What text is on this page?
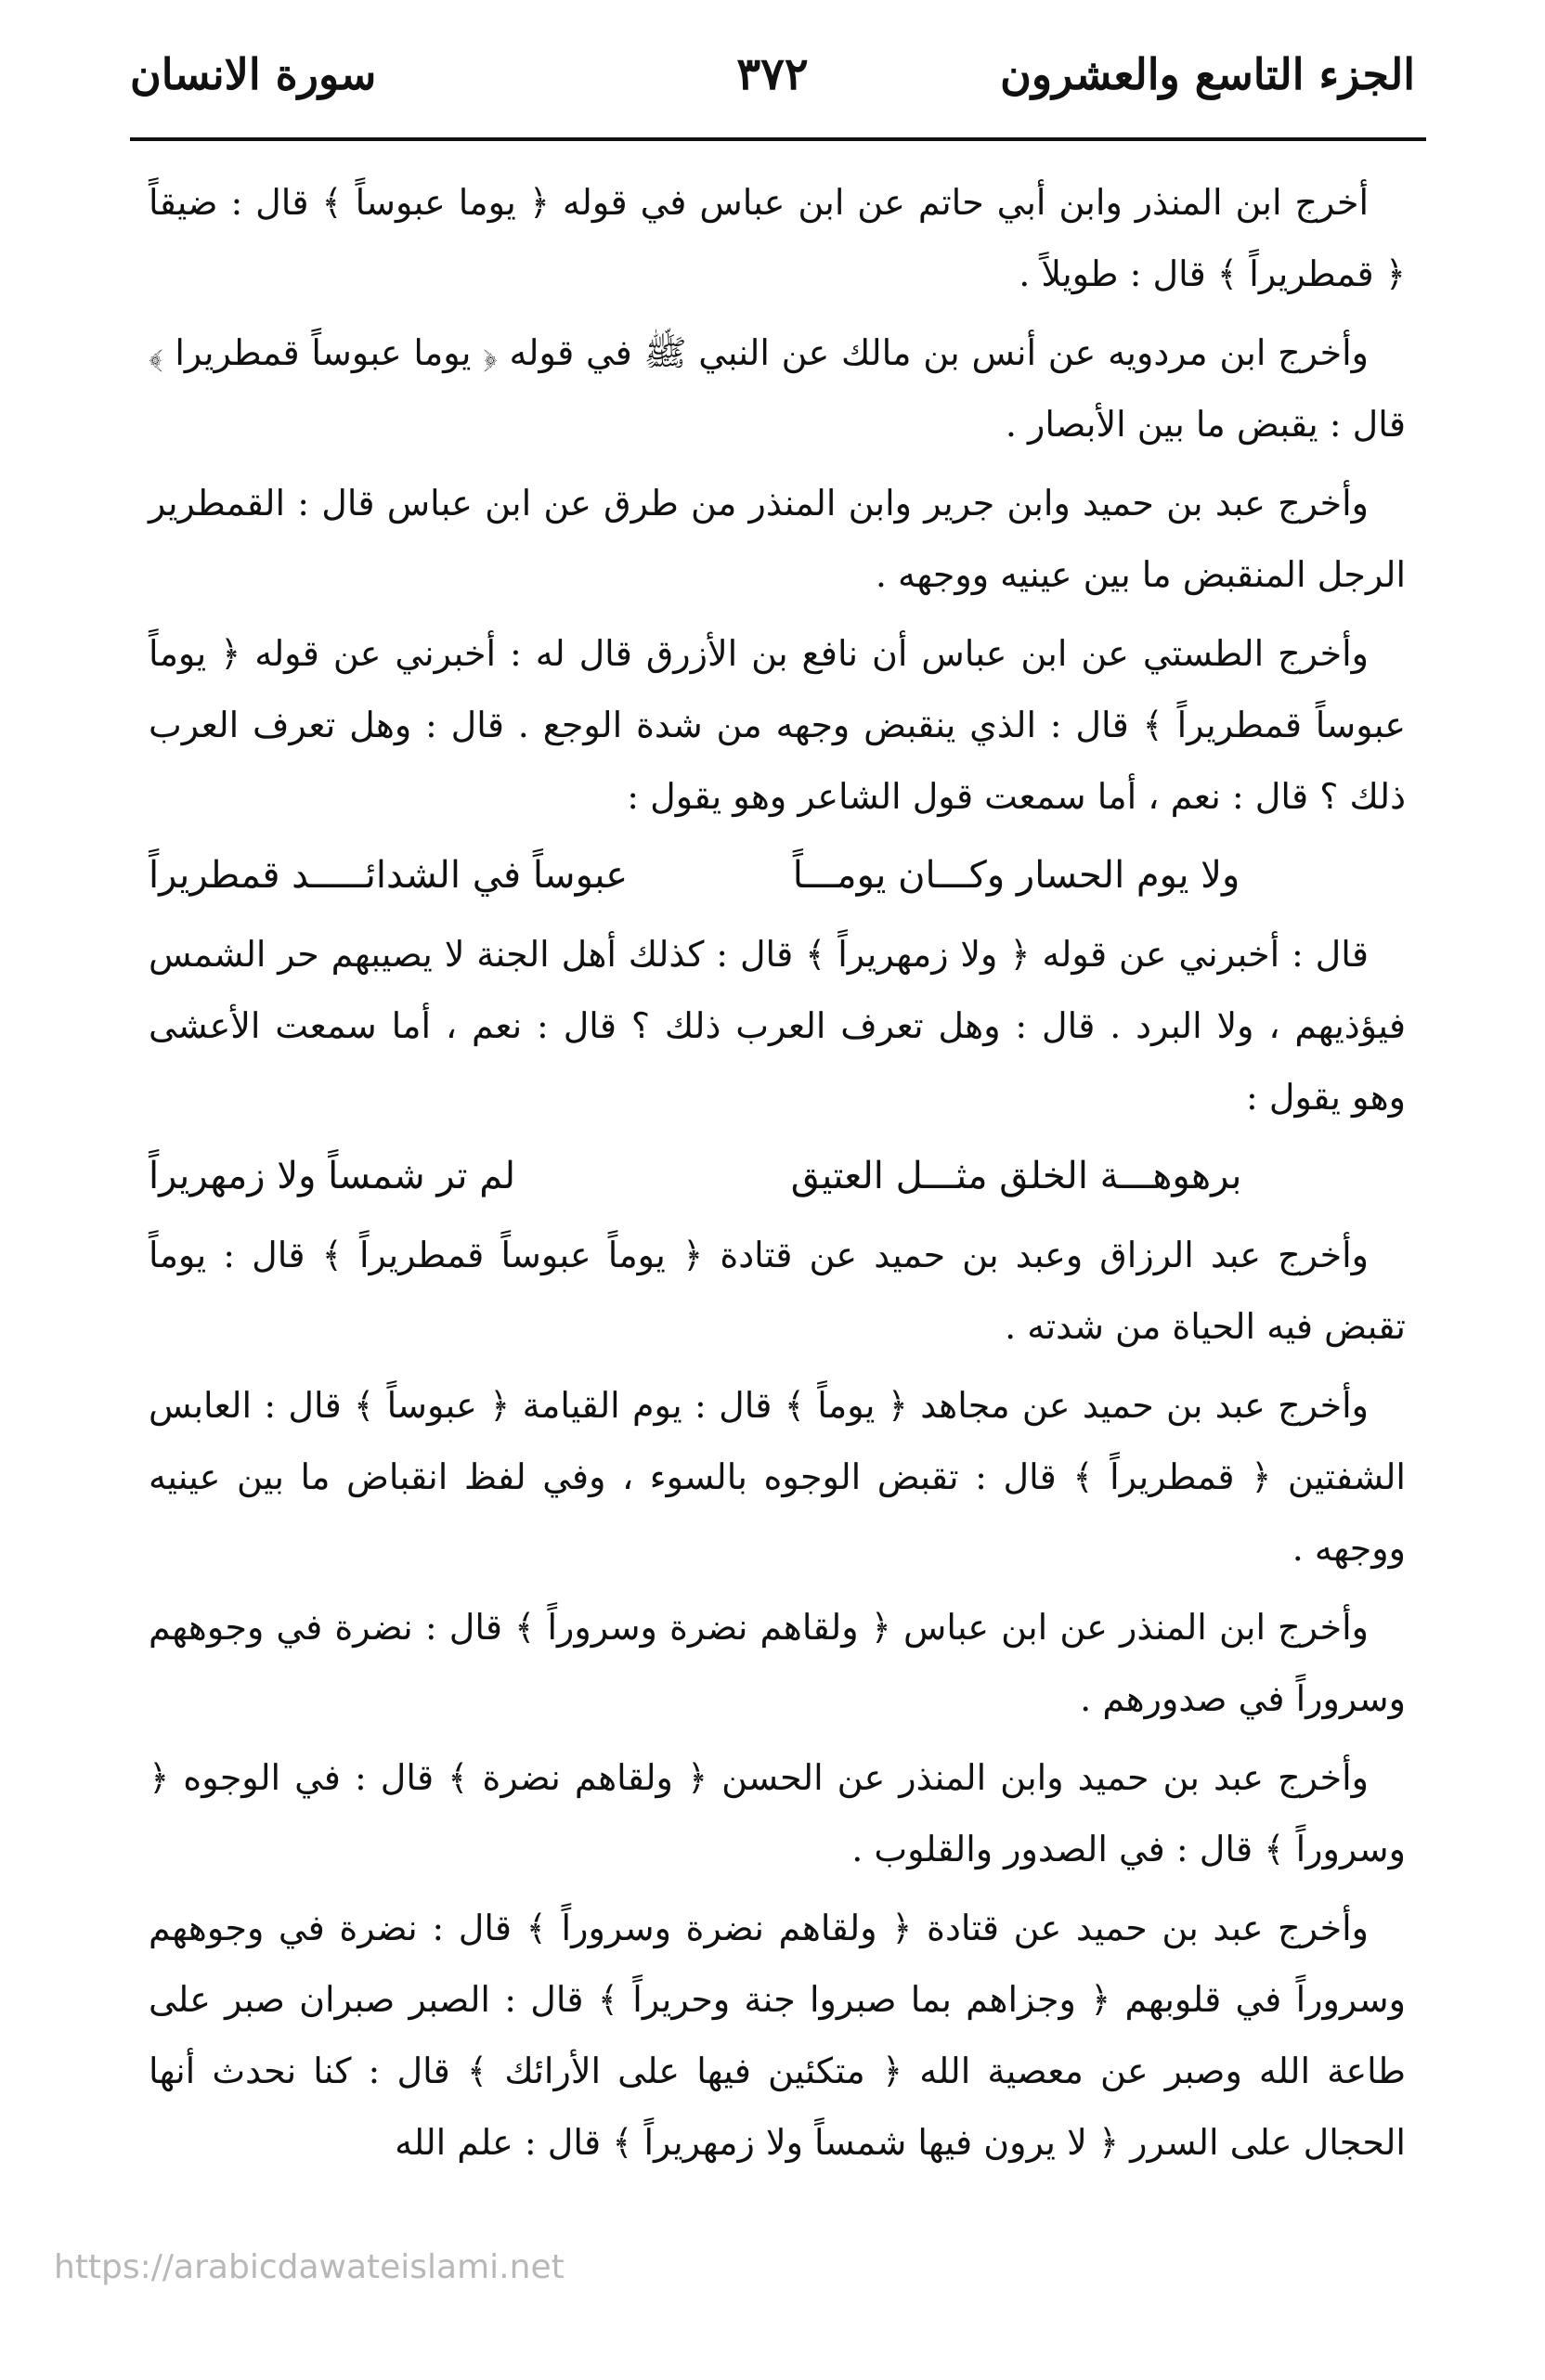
الجزء التاسع والعشرون
٣٧٢
سورة الانسان

أخرج ابن المنذر وابن أبي حاتم عن ابن عباس في قوله ﴿ يوما عبوساً ﴾ قال : ضيقاً ﴿ قمطريراً ﴾ قال : طويلاً .

وأخرج ابن مردويه عن أنس بن مالك عن النبي ﷺ في قوله ﴿ يوما عبوساً قمطريرا ﴾ قال : يقبض ما بين الأبصار .

وأخرج عبد بن حميد وابن جرير وابن المنذر من طرق عن ابن عباس قال : القمطرير الرجل المنقبض ما بين عينيه ووجهه .

وأخرج الطستي عن ابن عباس أن نافع بن الأزرق قال له : أخبرني عن قوله ﴿ يوماً عبوساً قمطريراً ﴾ قال : الذي ينقبض وجهه من شدة الوجع . قال : وهل تعرف العرب ذلك ؟ قال : نعم ، أما سمعت قول الشاعر وهو يقول :

ولا يوم الحسار وكـــان يومـــاً
عبوساً في الشدائـــــد قمطريراً

قال : أخبرني عن قوله ﴿ ولا زمهريراً ﴾ قال : كذلك أهل الجنة لا يصيبهم حر الشمس فيؤذيهم ، ولا البرد . قال : وهل تعرف العرب ذلك ؟ قال : نعم ، أما سمعت الأعشى وهو يقول :

برهوهـــة الخلق مثـــل العتيق
لم تر شمساً ولا زمهريراً

وأخرج عبد الرزاق وعبد بن حميد عن قتادة ﴿ يوماً عبوساً قمطريراً ﴾ قال : يوماً تقبض فيه الحياة من شدته .

وأخرج عبد بن حميد عن مجاهد ﴿ يوماً ﴾ قال : يوم القيامة ﴿ عبوساً ﴾ قال : العابس الشفتين ﴿ قمطريراً ﴾ قال : تقبض الوجوه بالسوء ، وفي لفظ انقباض ما بين عينيه ووجهه .

وأخرج ابن المنذر عن ابن عباس ﴿ ولقاهم نضرة وسروراً ﴾ قال : نضرة في وجوههم وسروراً في صدورهم .

وأخرج عبد بن حميد وابن المنذر عن الحسن ﴿ ولقاهم نضرة ﴾ قال : في الوجوه ﴿ وسروراً ﴾ قال : في الصدور والقلوب .

وأخرج عبد بن حميد عن قتادة ﴿ ولقاهم نضرة وسروراً ﴾ قال : نضرة في وجوههم وسروراً في قلوبهم ﴿ وجزاهم بما صبروا جنة وحريراً ﴾ قال : الصبر صبران صبر على طاعة الله وصبر عن معصية الله ﴿ متكئين فيها على الأرائك ﴾ قال : كنا نحدث أنها الحجال على السرر ﴿ لا يرون فيها شمساً ولا زمهريراً ﴾ قال : علم الله

https://arabicdawateislami.net
